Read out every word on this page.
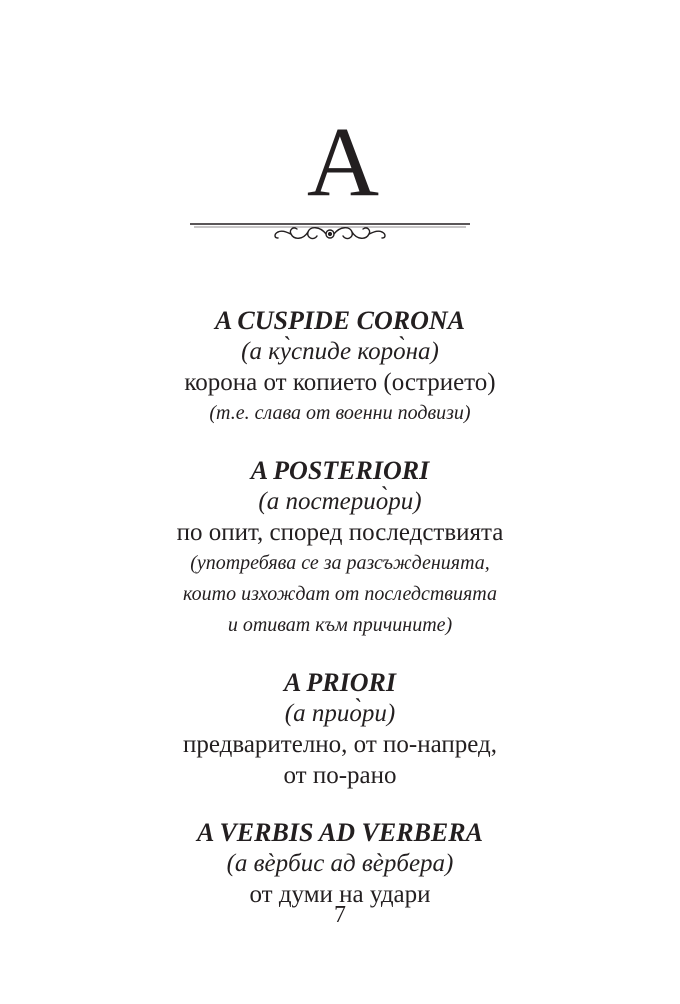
A
A CUSPIDE CORONA
(а ку̀спиде коро̀на)
корона от копието (острието)
(т.е. слава от военни подвизи)
A POSTERIORI
(а постерио̀ри)
по опит, според последствията
(употребява се за разсъжденията,
които изхождат от последствията
и отиват към причините)
A PRIORI
(а прио̀ри)
предварително, от по-напред,
от по-рано
A VERBIS AD VERBERA
(а вѐрбис ад вѐрбера)
от думи на удари
7
